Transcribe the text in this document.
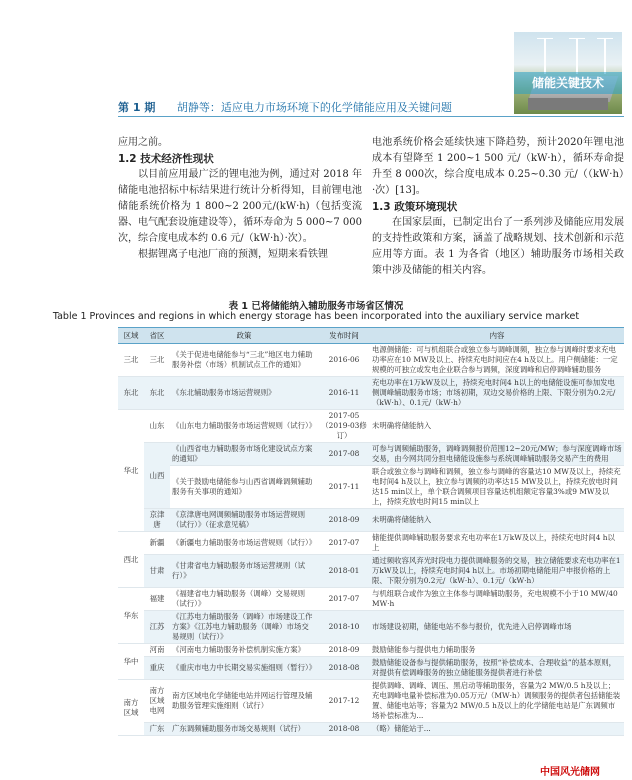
储能关键技术
第 1 期 胡静等：适应电力市场环境下的化学储能应用及关键问题

应用之前。

1.2 技术经济性现状

以目前应用最广泛的锂电池为例，通过对 2018 年储能电池招标中标结果进行统计分析得知，目前锂电池储能系统价格为 1 800~2 200元/(kW·h)（包括变流器、电气配套设施建设等），循环寿命为 5 000~7 000次，综合度电成本约 0.6 元/（kW·h）·次）。

根据锂离子电池厂商的预测，短期来看铁锂

电池系统价格会延续快速下降趋势，预计2020年锂电池成本有望降至 1 200~1 500 元/（kW·h），循环寿命提升至 8 000次，综合度电成本 0.25~0.30 元/（（kW·h）·次）[13]。

1.3 政策环境现状

在国家层面，已制定出台了一系列涉及储能应用发展的支持性政策和方案，涵盖了战略规划、技术创新和示范应用等方面。表 1 为各省（地区）辅助服务市场相关政策中涉及储能的相关内容。

表 1 已将储能纳入辅助服务市场省区情况
Table 1 Provinces and regions in which energy storage has been incorporated into the auxiliary service market
区域	省区	政策	发布时间	内容
三北	三北	《关于促进电储能参与“三北”地区电力辅助服务补偿（市场）机制试点工作的通知》	2016-06	电源侧储能：可与机组联合或独立参与调峰调频，独立参与调峰时要求充电功率应在10 MW及以上、持续充电时间应在4 h及以上。用户侧储能：一定规模的可独立或发电企业联合参与调频，深度调峰和启停调峰辅助服务
东北	东北	《东北辅助服务市场运营规则》	2016-11	充电功率在1万kW及以上，持续充电时间4 h以上的电储能设施可参加发电侧调峰辅助服务市场；市场初期，双边交易价格的上限、下限分别为0.2元/（kW·h）、0.1元/（kW·h）
华北	山东	《山东电力辅助服务市场运营规则（试行）》	2017-05（2019-03修订）	未明确将储能纳入
	山西	《山西省电力辅助服务市场化建设试点方案的通知》	2017-08	可参与调频辅助服务，调峰调频报价范围12~20元/MW；参与深度调峰市场交易，由今网共同分担电储能设施参与系统调峰辅助服务交易产生的费用
		《关于鼓励电储能参与山西省调峰调频辅助服务有关事项的通知》	2017-11	联合或独立参与调峰和调频，独立参与调峰的容量达10 MW及以上，持续充电时间4 h及以上，独立参与调频的功率达15 MW及以上，持续充放电时间达15 min以上，单个联合调频项目容量达机组额定容量3%或9 MW及以上，持续充放电时间15 min以上
	京津唐	《京津唐电网调频辅助服务市场运营规则（试行）》（征求意见稿）	2018-09	未明确将储能纳入
西北	新疆	《新疆电力辅助服务市场运营规则（试行）》	2017-07	储能提供调峰辅助服务要求充电功率在1万kW及以上，持续充电时间4 h以上
	甘肃	《甘肃省电力辅助服务市场运营规则（试行）》	2018-01	通过频收容风弃光时段电力提供调峰服务的交易，独立储能要求充电功率在1万kW及以上，持续充电时间4 h以上。市场初期电储能用户申报价格的上限、下限分别为0.2元/（kW·h）、0.1元/（kW·h）
华东	福建	《福建省电力辅助服务（调峰）交易规则（试行）》	2017-07	与机组联合或作为独立主体参与调峰辅助服务，充电规模不小于10 MW/40 MW·h
	江苏	《江苏电力辅助服务（调峰）市场建设工作方案》《江苏电力辅助服务（调峰）市场交易规则（试行）》	2018-10	市场建设初期，储能电站不参与报价，优先进入启停调峰市场
华中	河南	《河南电力辅助服务补偿机制实施方案》	2018-09	鼓励储能参与提供电力辅助服务
	重庆	《重庆市电力中长期交易实施细则（暂行）》	2018-08	鼓励储能设备参与提供辅助服务，按照“补偿成本、合理收益”的基本原则，对提供有偿调峰服务的独立储能服务提供者进行补偿
南方区域	南方区域电网	南方区域电化学储能电站并网运行管理及辅助服务管理实施细则（试行）	2017-12	提供调峰、调峰、调压、黑启动等辅助服务，容量为2 MW/0.5 h及以上；充电调峰电量补偿标准为0.05万元/（MW·h）调频服务的提供者包括储能装置、储能电站等；容量为2 MW/0.5 h及以上的化学储能电站是广东调频市场补偿标准为...
	广东	广东调频辅助服务市场交易规则（试行）	2018-08	（略）储能站于...
中国风光储网
